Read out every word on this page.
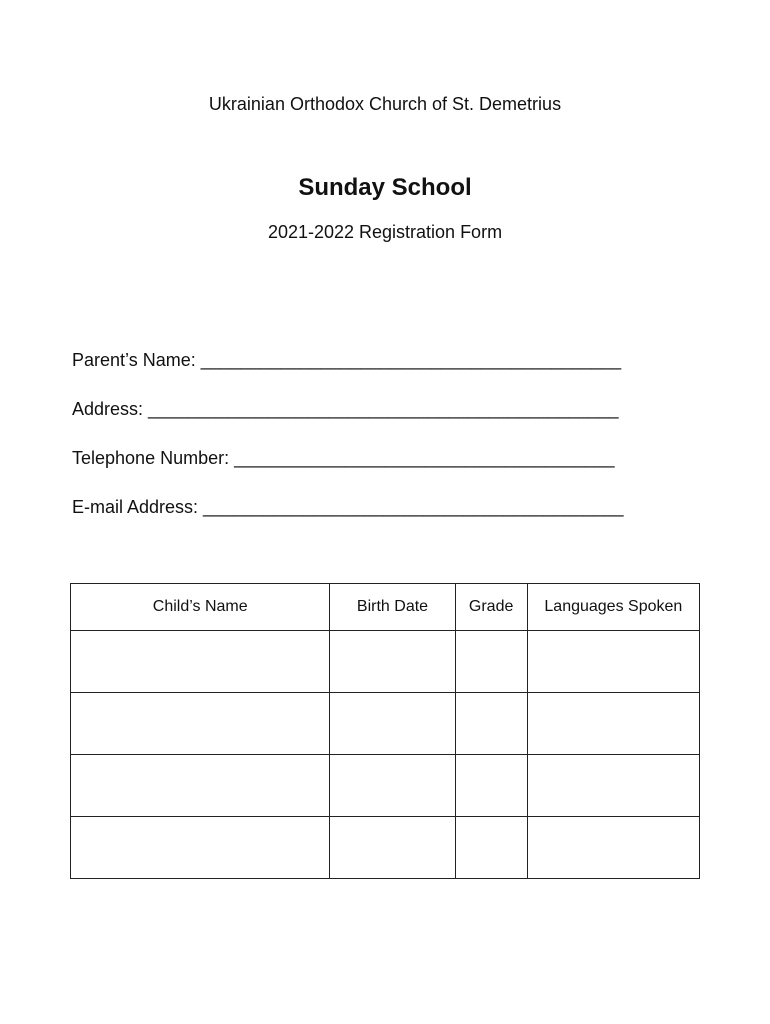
Ukrainian Orthodox Church of St. Demetrius
Sunday School
2021-2022 Registration Form
Parent’s Name: __________________________________________
Address: _______________________________________________
Telephone Number: ______________________________________
E-mail Address: __________________________________________
Child’s Name	Birth Date	Grade	Languages Spoken
